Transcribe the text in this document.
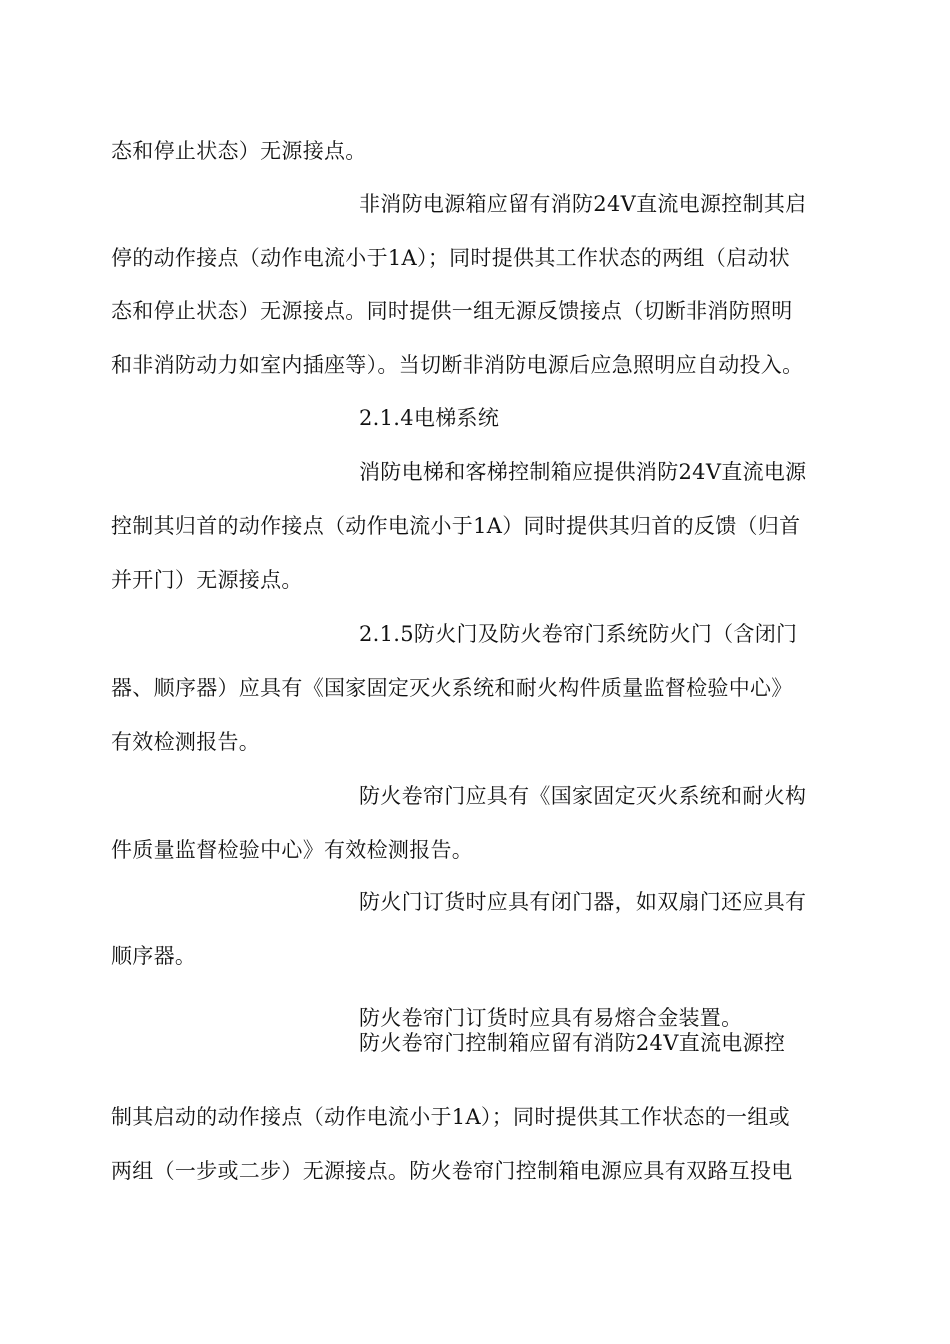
态和停止状态）无源接点。
非消防电源箱应留有消防24V直流电源控制其启
停的动作接点（动作电流小于1A）；同时提供其工作状态的两组（启动状
态和停止状态）无源接点。同时提供一组无源反馈接点（切断非消防照明
和非消防动力如室内插座等）。当切断非消防电源后应急照明应自动投入。
2.1.4电梯系统
消防电梯和客梯控制箱应提供消防24V直流电源
控制其归首的动作接点（动作电流小于1A）同时提供其归首的反馈（归首
并开门）无源接点。
2.1.5防火门及防火卷帘门系统防火门（含闭门
器、顺序器）应具有《国家固定灭火系统和耐火构件质量监督检验中心》
有效检测报告。
防火卷帘门应具有《国家固定灭火系统和耐火构
件质量监督检验中心》有效检测报告。
防火门订货时应具有闭门器，如双扇门还应具有
顺序器。
防火卷帘门订货时应具有易熔合金装置。
防火卷帘门控制箱应留有消防24V直流电源控
制其启动的动作接点（动作电流小于1A）；同时提供其工作状态的一组或
两组（一步或二步）无源接点。防火卷帘门控制箱电源应具有双路互投电
